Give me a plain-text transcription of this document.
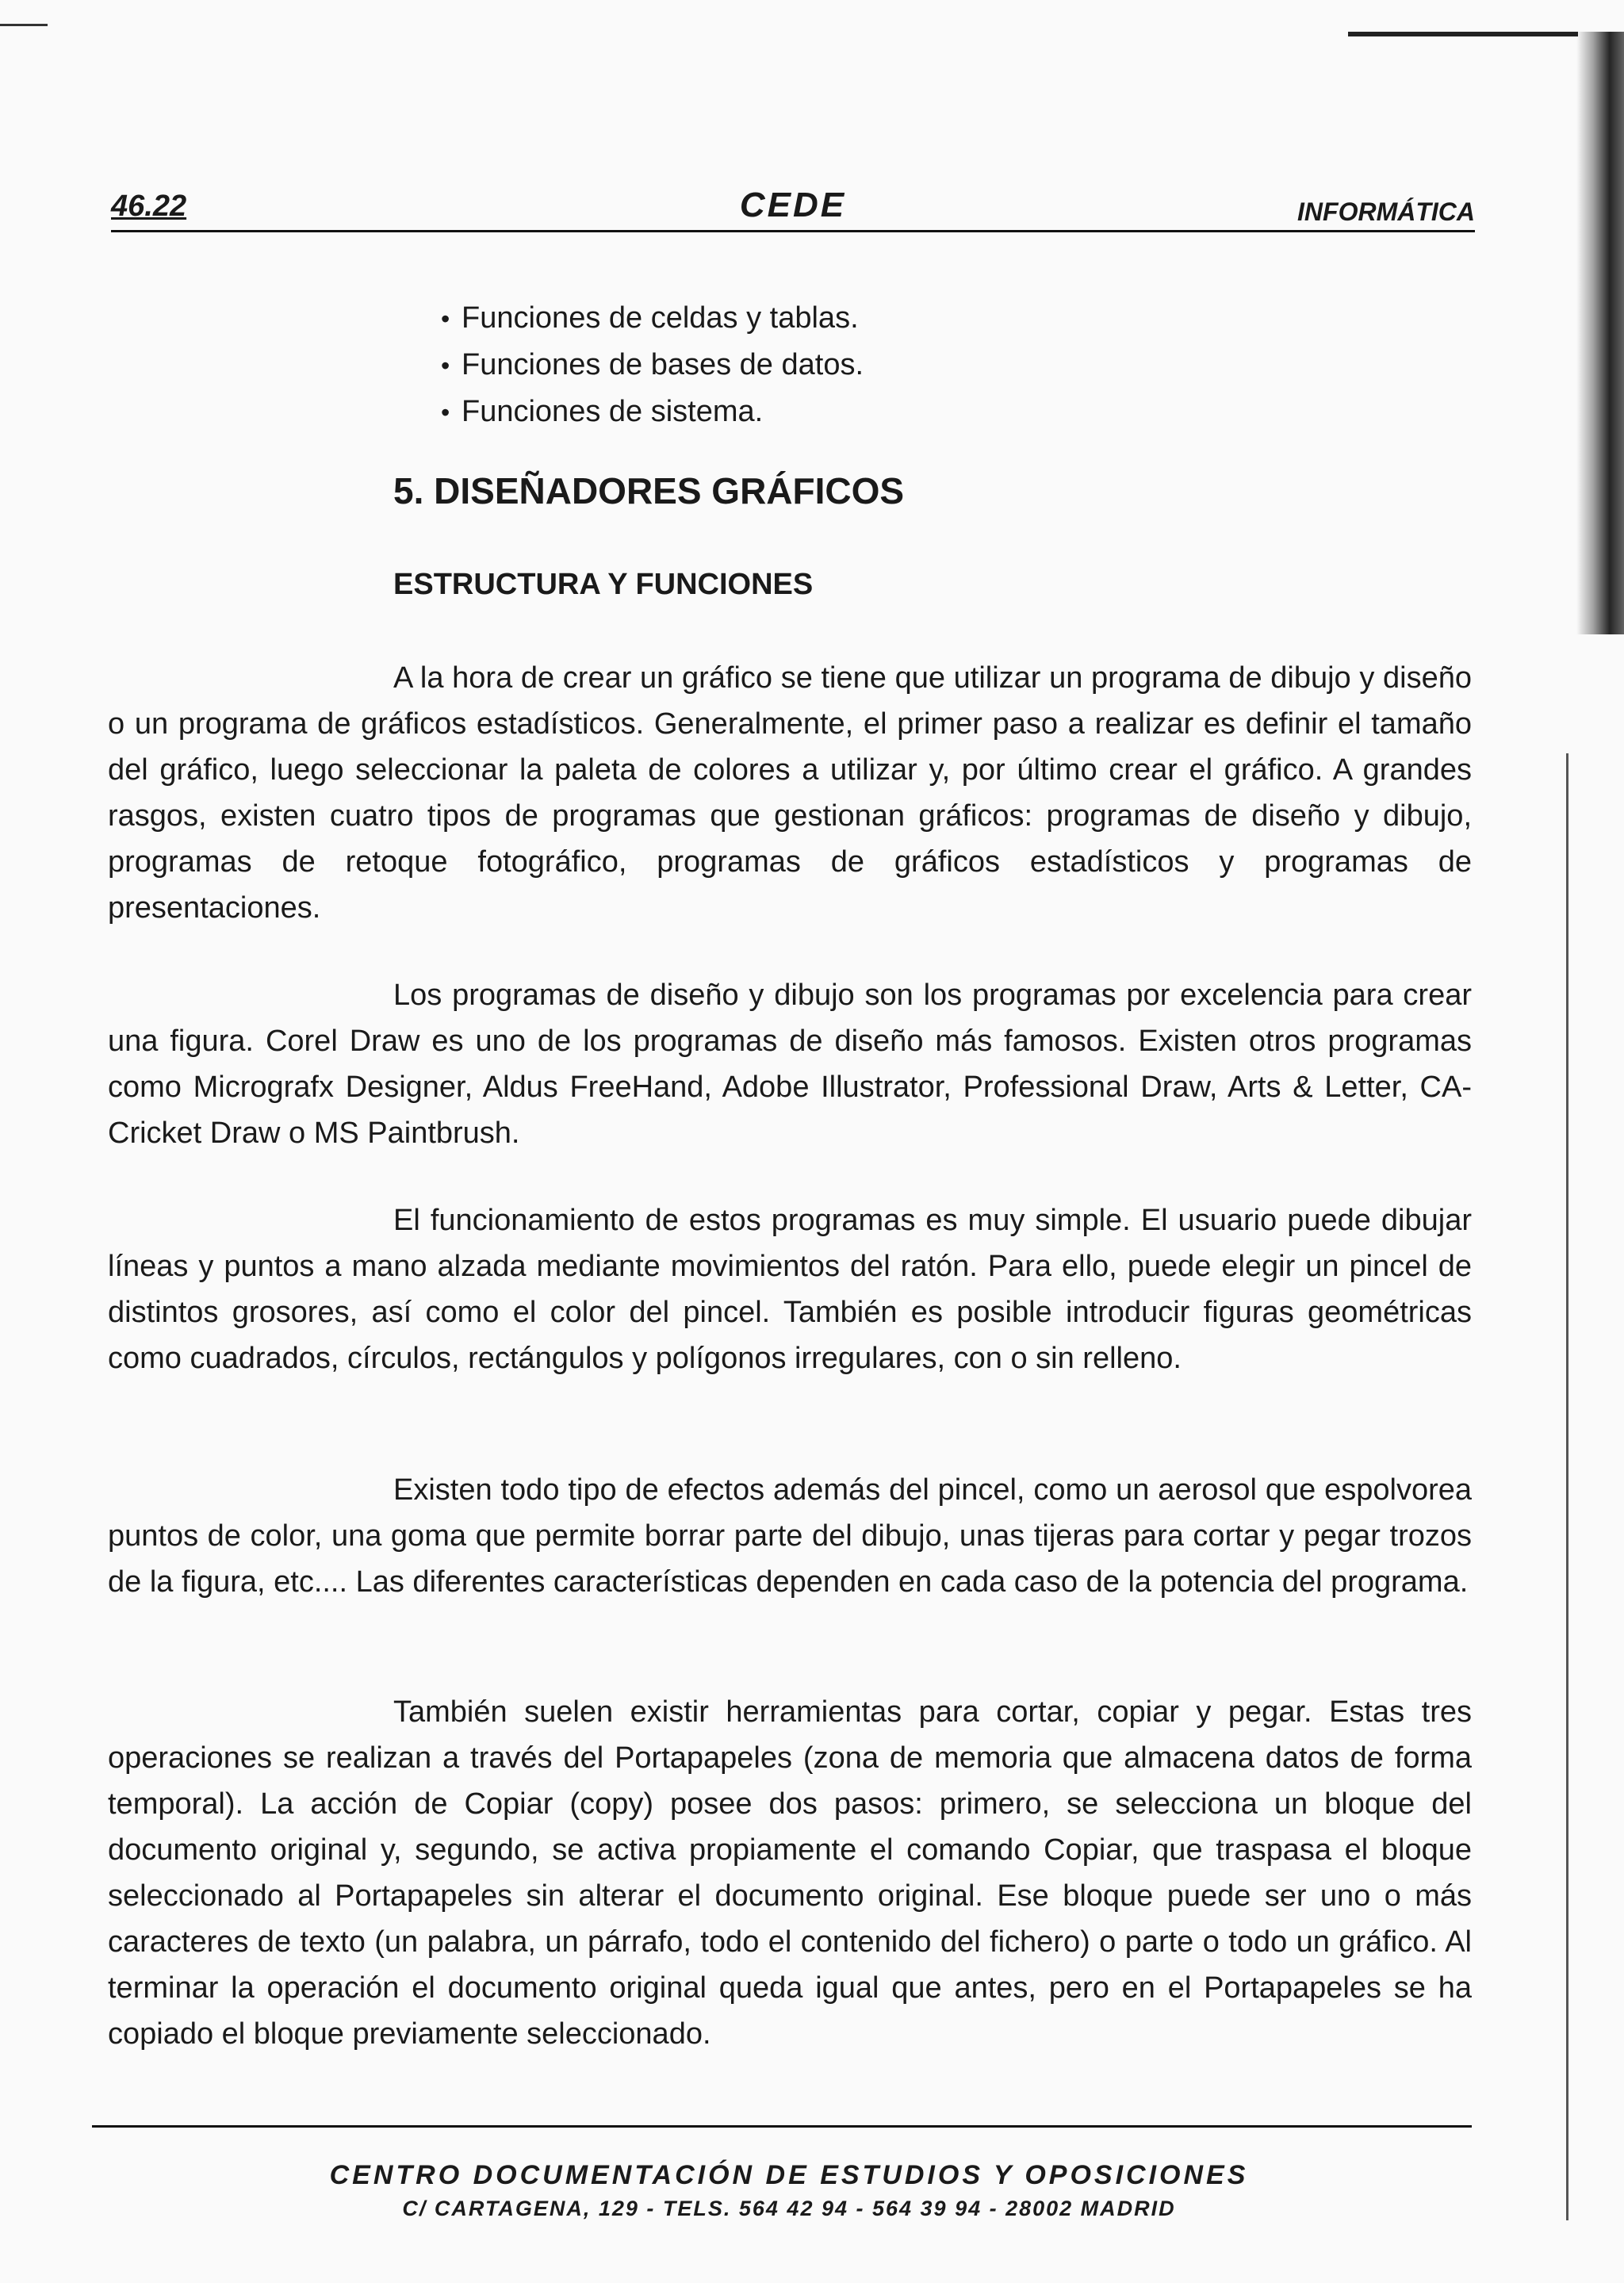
46.22	CEDE	INFORMÁTICA
• Funciones de celdas y tablas.
• Funciones de bases de datos.
• Funciones de sistema.
5. DISEÑADORES GRÁFICOS
ESTRUCTURA Y FUNCIONES

A la hora de crear un gráfico se tiene que utilizar un programa de dibujo y diseño o un programa de gráficos estadísticos. Generalmente, el primer paso a realizar es definir el tamaño del gráfico, luego seleccionar la paleta de colores a utilizar y, por último crear el gráfico. A grandes rasgos, existen cuatro tipos de programas que gestionan gráficos: programas de diseño y dibujo, programas de retoque fotográfico, programas de gráficos estadísticos y programas de presentaciones.

Los programas de diseño y dibujo son los programas por excelencia para crear una figura. Corel Draw es uno de los programas de diseño más famosos. Existen otros programas como Micrografx Designer, Aldus FreeHand, Adobe Illustrator, Professional Draw, Arts & Letter, CA-Cricket Draw o MS Paintbrush.

El funcionamiento de estos programas es muy simple. El usuario puede dibujar líneas y puntos a mano alzada mediante movimientos del ratón. Para ello, puede elegir un pincel de distintos grosores, así como el color del pincel. También es posible introducir figuras geométricas como cuadrados, círculos, rectángulos y polígonos irregulares, con o sin relleno.

Existen todo tipo de efectos además del pincel, como un aerosol que espolvorea puntos de color, una goma que permite borrar parte del dibujo, unas tijeras para cortar y pegar trozos de la figura, etc.... Las diferentes características dependen en cada caso de la potencia del programa.

También suelen existir herramientas para cortar, copiar y pegar. Estas tres operaciones se realizan a través del Portapapeles (zona de memoria que almacena datos de forma temporal). La acción de Copiar (copy) posee dos pasos: primero, se selecciona un bloque del documento original y, segundo, se activa propiamente el comando Copiar, que traspasa el bloque seleccionado al Portapapeles sin alterar el documento original. Ese bloque puede ser uno o más caracteres de texto (un palabra, un párrafo, todo el contenido del fichero) o parte o todo un gráfico. Al terminar la operación el documento original queda igual que antes, pero en el Portapapeles se ha copiado el bloque previamente seleccionado.

CENTRO DOCUMENTACIÓN DE ESTUDIOS Y OPOSICIONES
C/ CARTAGENA, 129 - TELS. 564 42 94 - 564 39 94 - 28002 MADRID
